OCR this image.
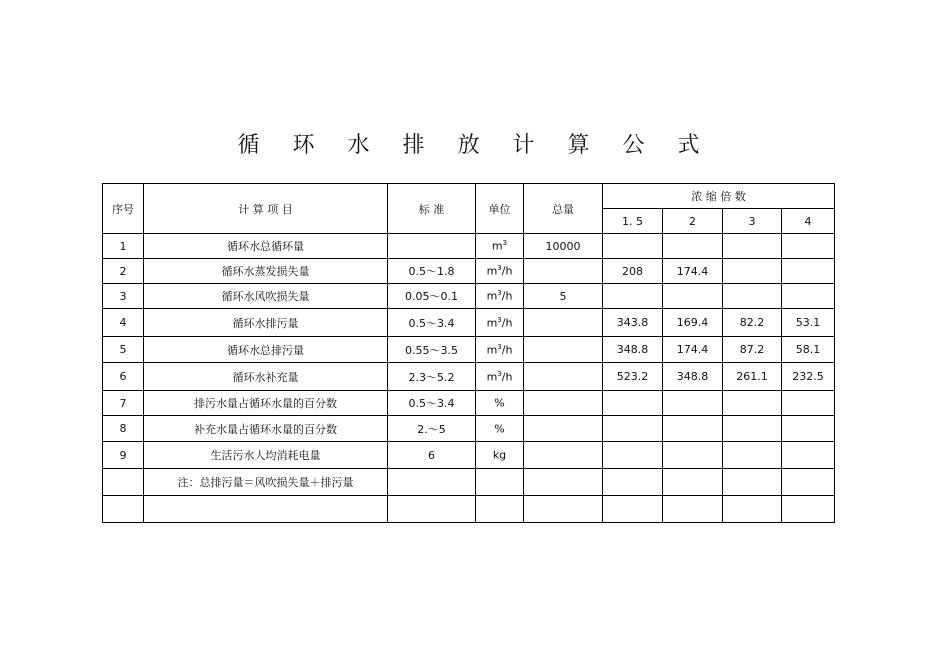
循 环 水 排 放 计 算 公 式
序号	计 算 项 目	标 准	单位	总量	浓 缩 倍 数			
					1. 5	2	3	4
1	循环水总循环量		$m^3$	10000				
2	循环水蒸发损失量	0.5～1.8	$m^3/h$		208	174.4		
3	循环水风吹损失量	0.05～0.1	$m^3/h$	5				
4	循环水排污量	0.5～3.4	$m^3/h$		343.8	169.4	82.2	53.1
5	循环水总排污量	0.55～3.5	$m^3/h$		348.8	174.4	87.2	58.1
6	循环水补充量	2.3～5.2	$m^3/h$		523.2	348.8	261.1	232.5
7	排污水量占循环水量的百分数	0.5～3.4	%					
8	补充水量占循环水量的百分数	2.～5	%					
9	生活污水人均消耗电量	6	kg					
	注：总排污量＝风吹损失量＋排污量							
